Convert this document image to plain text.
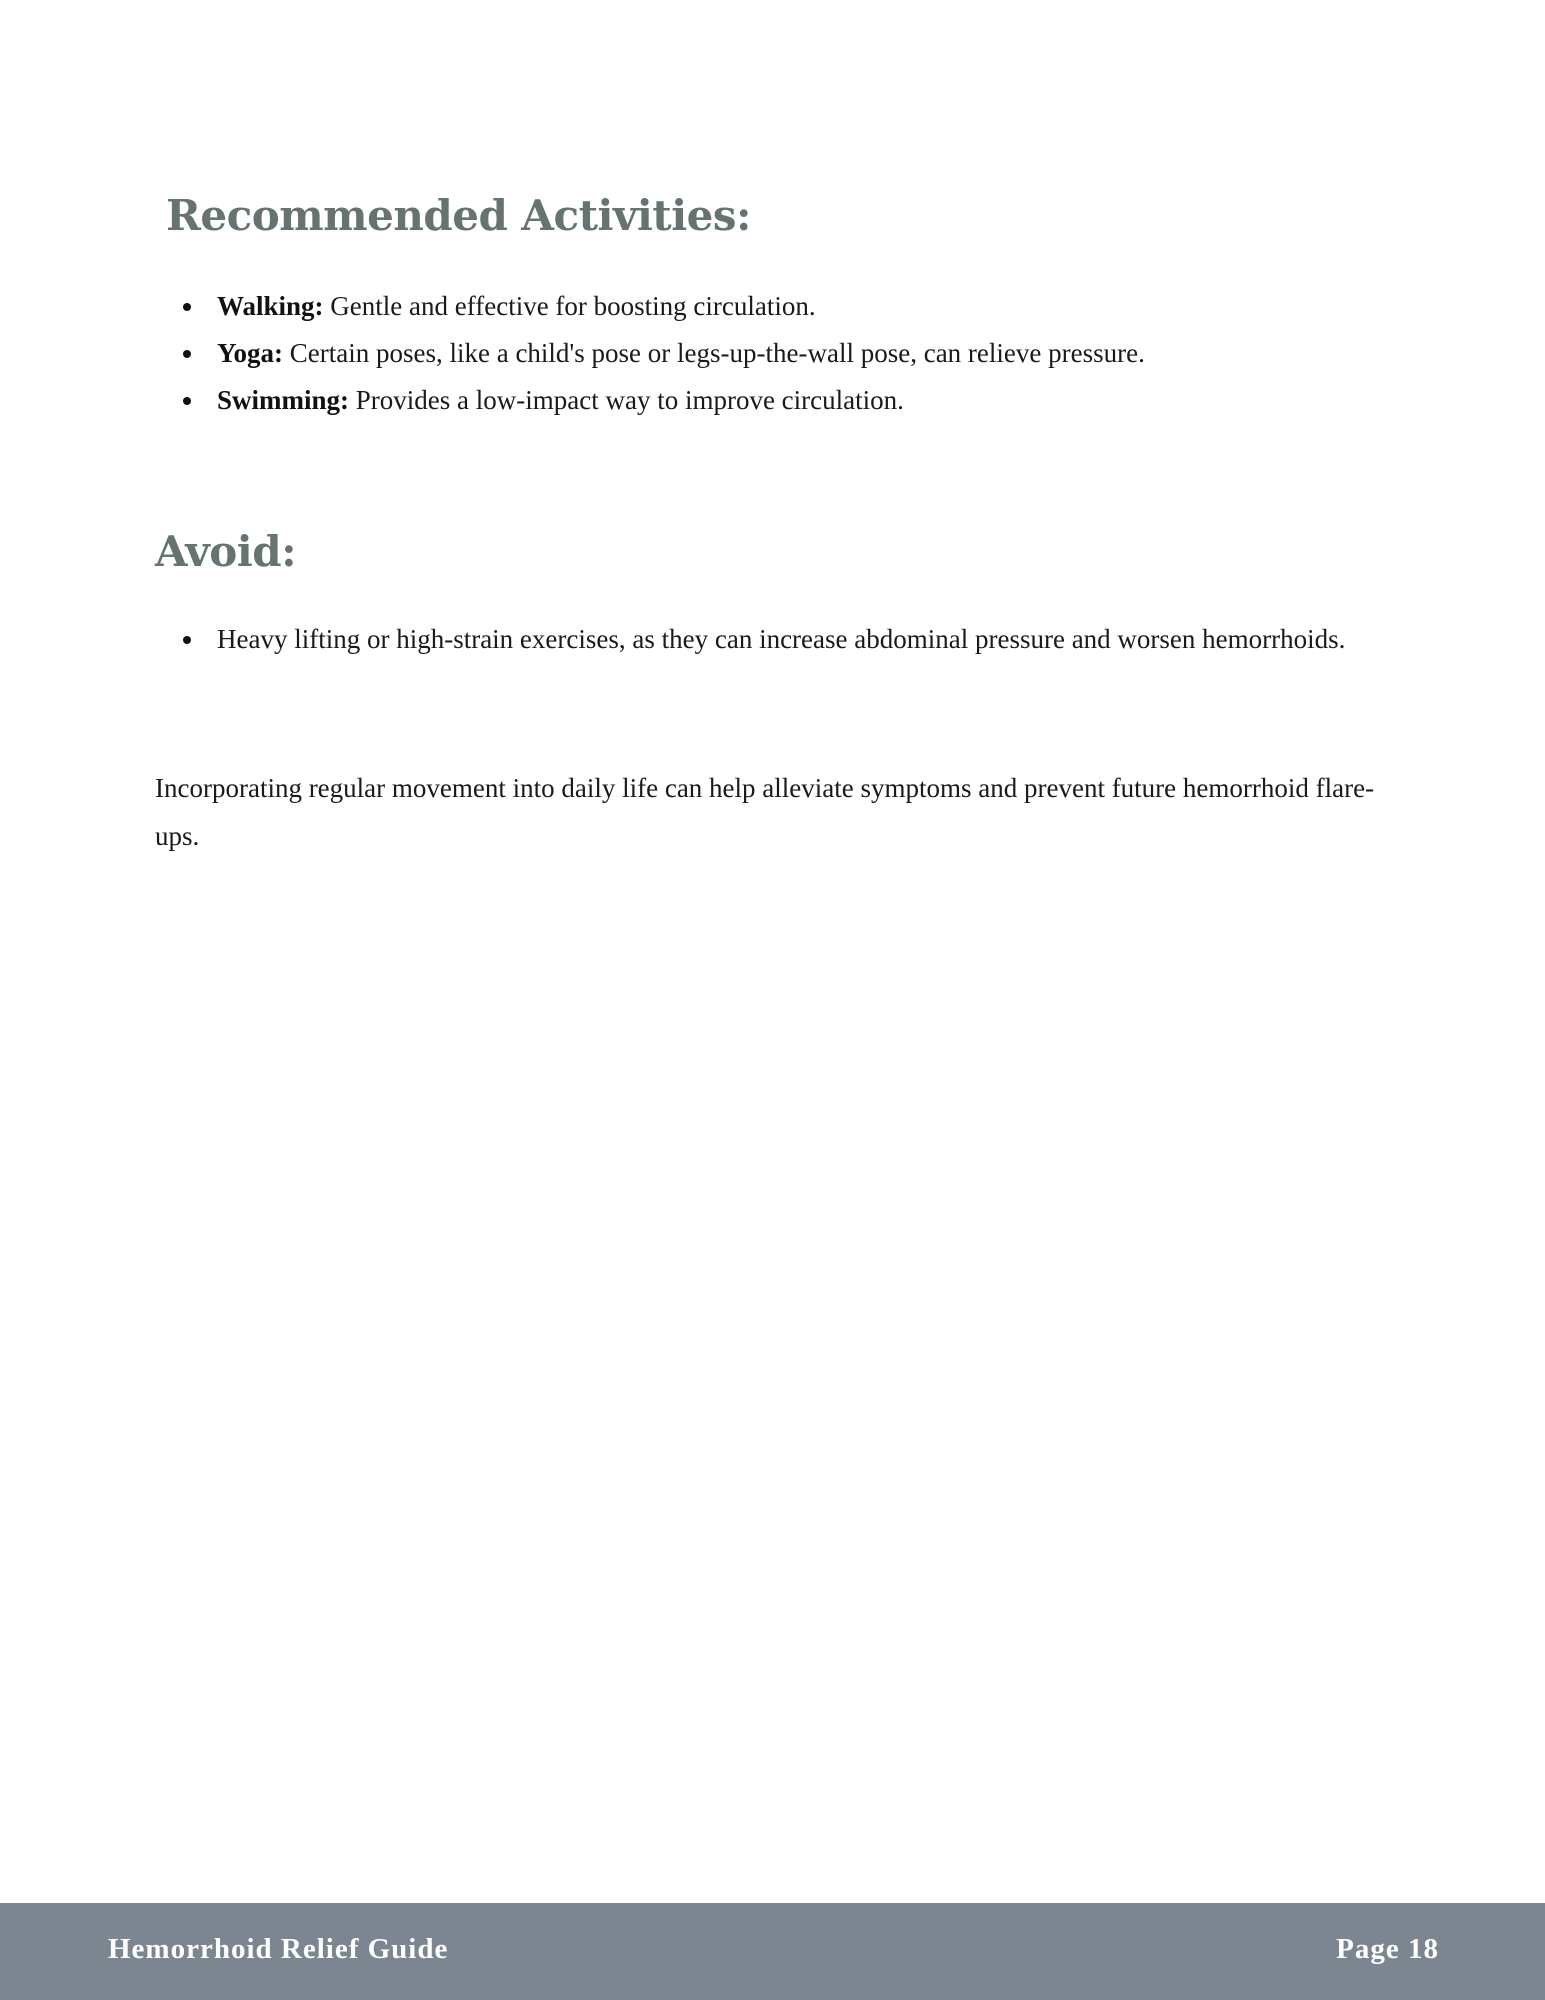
Recommended Activities:
Walking: Gentle and effective for boosting circulation.
Yoga: Certain poses, like a child's pose or legs-up-the-wall pose, can relieve pressure.
Swimming: Provides a low-impact way to improve circulation.
Avoid:
Heavy lifting or high-strain exercises, as they can increase abdominal pressure and worsen hemorrhoids.

Incorporating regular movement into daily life can help alleviate symptoms and prevent future hemorrhoid flare-ups.

Hemorrhoid Relief Guide	Page 18
